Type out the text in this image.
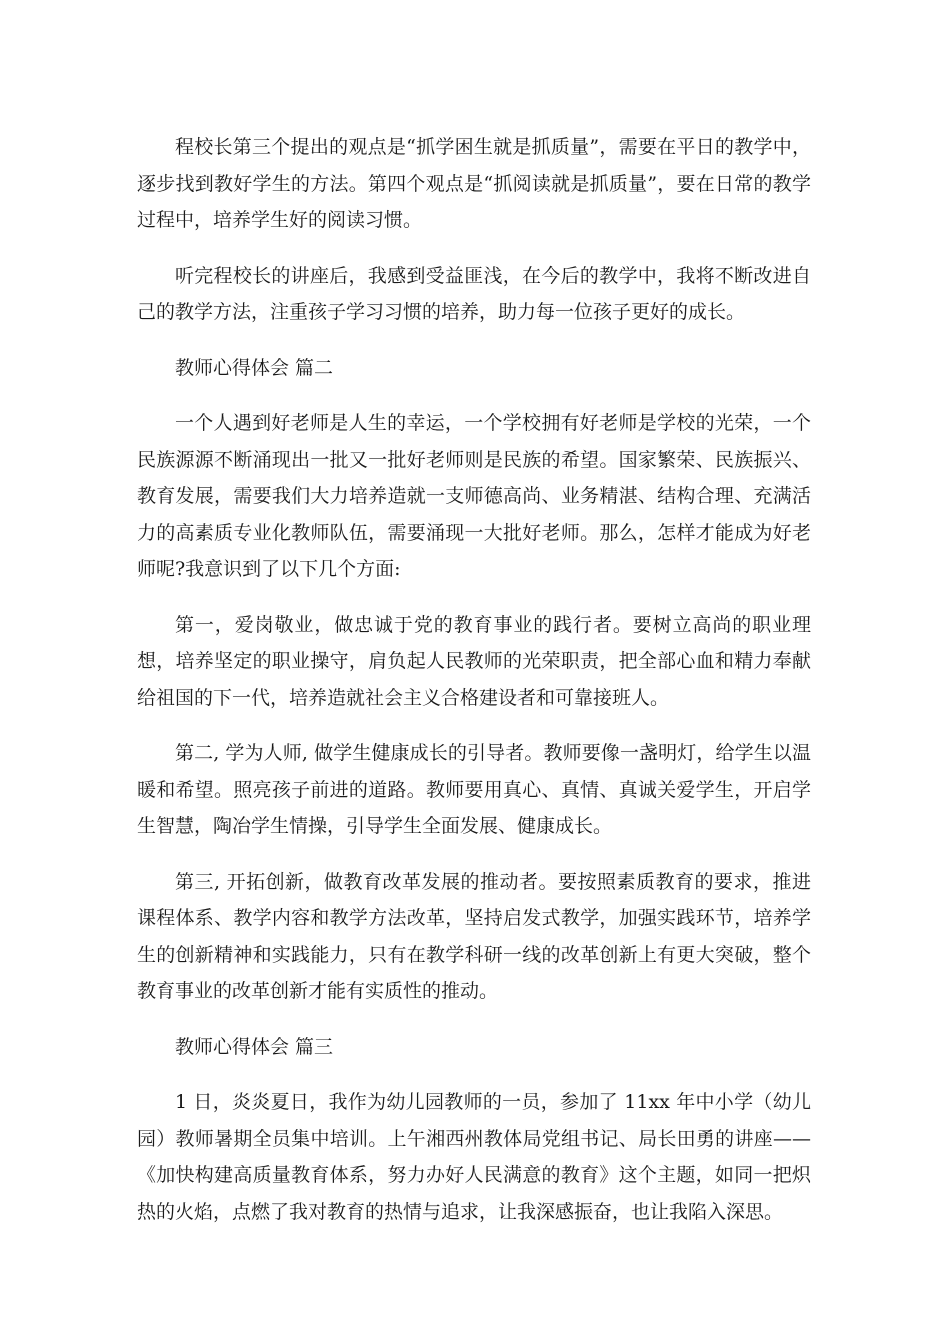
程校长第三个提出的观点是“抓学困生就是抓质量”，需要在平日的教学中，逐步找到教好学生的方法。第四个观点是“抓阅读就是抓质量”，要在日常的教学过程中，培养学生好的阅读习惯。

听完程校长的讲座后，我感到受益匪浅，在今后的教学中，我将不断改进自己的教学方法，注重孩子学习习惯的培养，助力每一位孩子更好的成长。

教师心得体会 篇二

一个人遇到好老师是人生的幸运，一个学校拥有好老师是学校的光荣，一个民族源源不断涌现出一批又一批好老师则是民族的希望。国家繁荣、民族振兴、教育发展，需要我们大力培养造就一支师德高尚、业务精湛、结构合理、充满活力的高素质专业化教师队伍，需要涌现一大批好老师。那么，怎样才能成为好老师呢?我意识到了以下几个方面:

第一，爱岗敬业，做忠诚于党的教育事业的践行者。要树立高尚的职业理想，培养坚定的职业操守，肩负起人民教师的光荣职责，把全部心血和精力奉献给祖国的下一代，培养造就社会主义合格建设者和可靠接班人。

第二, 学为人师, 做学生健康成长的引导者。教师要像一盏明灯，给学生以温暖和希望。照亮孩子前进的道路。教师要用真心、真情、真诚关爱学生，开启学生智慧，陶冶学生情操，引导学生全面发展、健康成长。

第三, 开拓创新，做教育改革发展的推动者。要按照素质教育的要求，推进课程体系、教学内容和教学方法改革，坚持启发式教学，加强实践环节，培养学生的创新精神和实践能力，只有在教学科研一线的改革创新上有更大突破，整个教育事业的改革创新才能有实质性的推动。

教师心得体会 篇三

1 日，炎炎夏日，我作为幼儿园教师的一员，参加了 11xx 年中小学（幼儿园）教师暑期全员集中培训。上午湘西州教体局党组书记、局长田勇的讲座——《加快构建高质量教育体系，努力办好人民满意的教育》这个主题，如同一把炽热的火焰，点燃了我对教育的热情与追求，让我深感振奋，也让我陷入深思。
